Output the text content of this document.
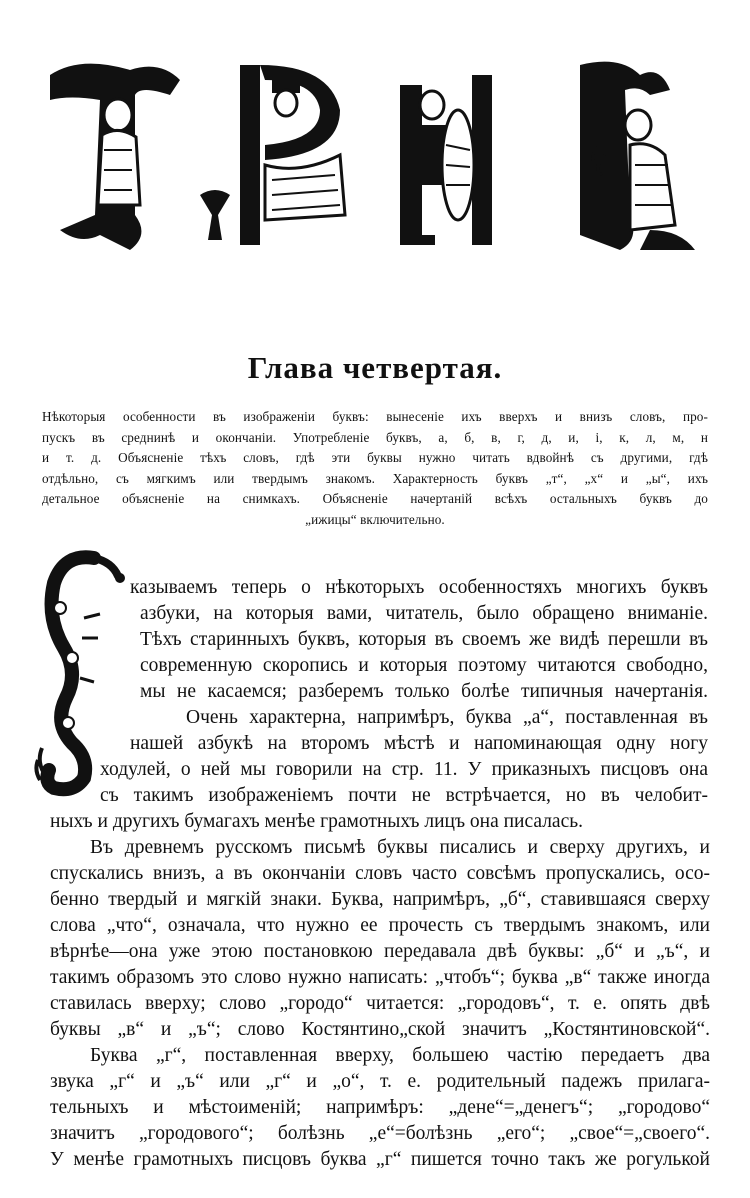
Глава четвертая.
Нѣкоторыя особенности въ изображенiи буквъ: вынесенiе ихъ вверхъ и внизъ словъ, про-
пускъ въ среднинѣ и окончанiи. Употребленiе буквъ, а, б, в, г, д, и, i, к, л, м, н
и т. д. Объясненiе тѣхъ словъ, гдѣ эти буквы нужно читать вдвойнѣ съ другими, гдѣ
отдѣльно, съ мягкимъ или твердымъ знакомъ. Характерность буквъ „т“, „х“ и „ы“, ихъ
детальное объясненiе на снимкахъ. Объясненiе начертанiй всѣхъ остальныхъ буквъ до
„ижицы“ включительно.
казываемъ теперь о нѣкоторыхъ особенностяхъ многихъ буквъ
азбуки, на которыя вами, читатель, было обращено вниманiе.
Тѣхъ старинныхъ буквъ, которыя въ своемъ же видѣ перешли въ
современную скоропись и которыя поэтому читаются свободно,
мы не касаемся; разберемъ только болѣе типичныя начертанiя.
Очень характерна, напримѣръ, буква „а“, поставленная въ
нашей азбукѣ на второмъ мѣстѣ и напоминающая одну ногу
ходулей, о ней мы говорили на стр. 11. У приказныхъ писцовъ она
съ такимъ изображенiемъ почти не встрѣчается, но въ челобит-
ныхъ и другихъ бумагахъ менѣе грамотныхъ лицъ она писалась.
Въ древнемъ русскомъ письмѣ буквы писались и сверху другихъ, и
спускались внизъ, а въ окончанiи словъ часто совсѣмъ пропускались, осо-
бенно твердый и мягкiй знаки. Буква, напримѣръ, „б“, ставившаяся сверху
слова „что“, означала, что нужно ее прочесть съ твердымъ знакомъ, или
вѣрнѣе—она уже этою постановкою передавала двѣ буквы: „б“ и „ъ“, и
такимъ образомъ это слово нужно написать: „чтобъ“; буква „в“ также иногда
ставилась вверху; слово „городо“ читается: „городовъ“, т. е. опять двѣ
буквы „в“ и „ъ“; слово Костянтино„ской значитъ „Костянтиновской“.
Буква „г“, поставленная вверху, большею частiю передаетъ два
звука „г“ и „ъ“ или „г“ и „о“, т. е. родительный падежъ прилага-
тельныхъ и мѣстоименiй; напримѣръ: „дене“=„денегъ“; „городово“
значитъ „городового“; болѣзнь „е“=болѣзнь „его“; „свое“=„своего“.
У менѣе грамотныхъ писцовъ буква „г“ пишется точно такъ же рогулькой
